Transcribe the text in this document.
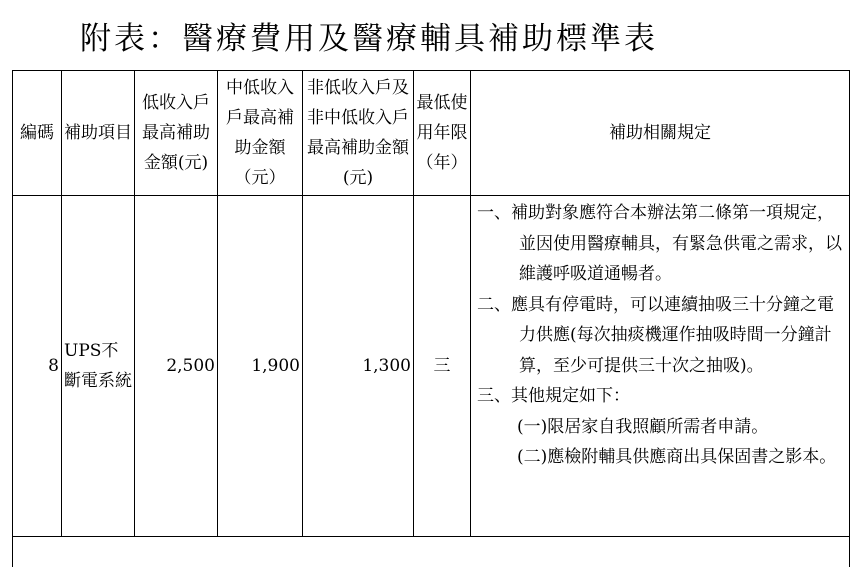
附表：醫療費用及醫療輔具補助標準表
編碼	補助項目	低收入戶最高補助金額(元)	中低收入戶最高補助金額（元）	非低收入戶及非中低收入戶最高補助金額(元)	最低使用年限（年）	補助相關規定
8	UPS不斷電系統	2,500	1,900	1,300	三	一、補助對象應符合本辦法第二條第一項規定，並因使用醫療輔具，有緊急供電之需求，以維護呼吸道通暢者。
二、應具有停電時，可以連續抽吸三十分鐘之電力供應(每次抽痰機運作抽吸時間一分鐘計算，至少可提供三十次之抽吸)。
三、其他規定如下：
(一)限居家自我照顧所需者申請。
(二)應檢附輔具供應商出具保固書之影本。
